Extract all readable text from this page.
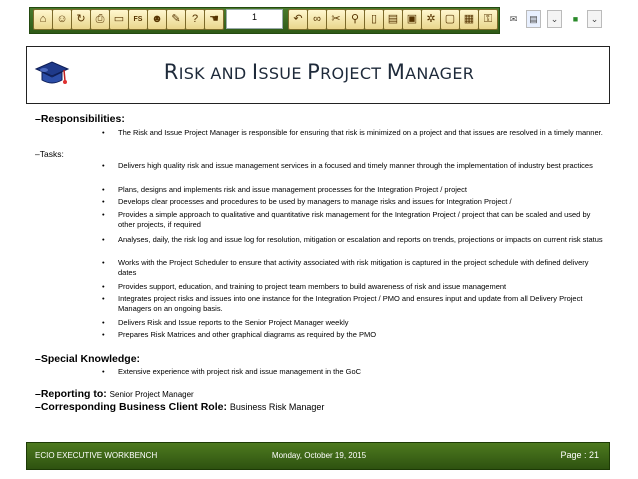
⌂ ☺ ↻ ⎙ ▭ FS ☻ ✎ ? ☚	1	↶ ∞ ✂ ⚲ ▯ ▤ ▣ ✲ ▢ ▦ ⚿	✉	▤	⌄	■	⌄
RISK AND ISSUE PROJECT MANAGER
–Responsibilities:
• The Risk and Issue Project Manager is responsible for ensuring that risk is minimized on a project and that issues are resolved in a timely manner.
–Tasks:
• Delivers high quality risk and issue management services in a focused and timely manner through the implementation of industry best practices
• Plans, designs and implements risk and issue management processes for the Integration Project / project
• Develops clear processes and procedures to be used by managers to manage risks and issues for Integration Project /
• Provides a simple approach to qualitative and quantitative risk management for the Integration Project / project that can be scaled and used by other projects, if required
• Analyses, daily, the risk log and issue log for resolution, mitigation or escalation and reports on trends, projections or impacts on current risk status
• Works with the Project Scheduler to ensure that activity associated with risk mitigation is captured in the project schedule with defined delivery dates
• Provides support, education, and training to project team members to build awareness of risk and issue management
• Integrates project risks and issues into one instance for the Integration Project / PMO and ensures input and update from all Delivery Project Managers on an ongoing basis.
• Delivers Risk and Issue reports to the Senior Project Manager weekly
• Prepares Risk Matrices and other graphical diagrams as required by the PMO
–Special Knowledge:
• Extensive experience with project risk and issue management in the GoC
–Reporting to: Senior Project Manager
–Corresponding Business Client Role: Business Risk Manager
ECIO EXECUTIVE WORKBENCH	Monday, October 19, 2015	Page : 21
